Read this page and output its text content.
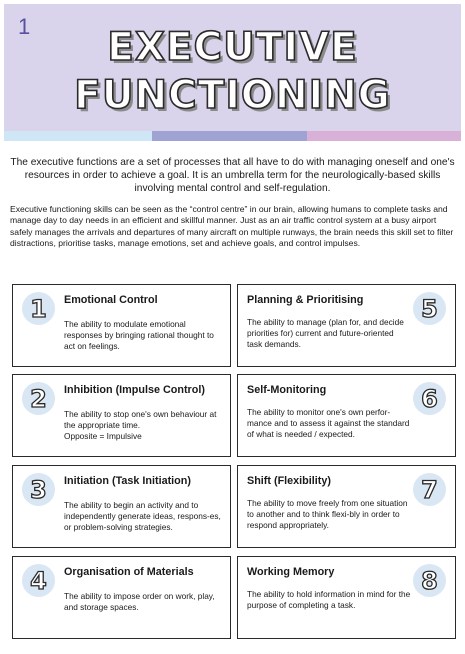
1	EXECUTIVE
FUNCTIONING
The executive functions are a set of processes that all have to do with managing oneself and one's resources in order to achieve a goal. It is an umbrella term for the neurologically-based skills involving mental control and self-regulation.
Executive functioning skills can be seen as the “control centre” in our brain, allowing humans to complete tasks and manage day to day needs in an efficient and skillful manner. Just as an air traffic control system at a busy airport safely manages the arrivals and departures of many aircraft on multiple runways, the brain needs this skill set to filter distractions, prioritise tasks, manage emotions, set and achieve goals, and control impulses.
1	Emotional Control
The ability to modulate emotional responses by bringing rational thought to act on feelings.
5
Planning & Prioritising
The ability to manage (plan for, and decide priorities for) current and future-oriented task demands.
2	Inhibition (Impulse Control)
The ability to stop one's own behaviour at the appropriate time.
Opposite = Impulsive
6
Self-Monitoring
The ability to monitor one's own perfor-mance and to assess it against the standard of what is needed / expected.
3	Initiation (Task Initiation)
The ability to begin an activity and to independently generate ideas, respons-es, or problem-solving strategies.
7
Shift (Flexibility)
The ability to move freely from one situation to another and to think flexi-bly in order to respond appropriately.
4	Organisation of Materials
The ability to impose order on work, play, and storage spaces.
8
Working Memory
The ability to hold information in mind for the purpose of completing a task.
